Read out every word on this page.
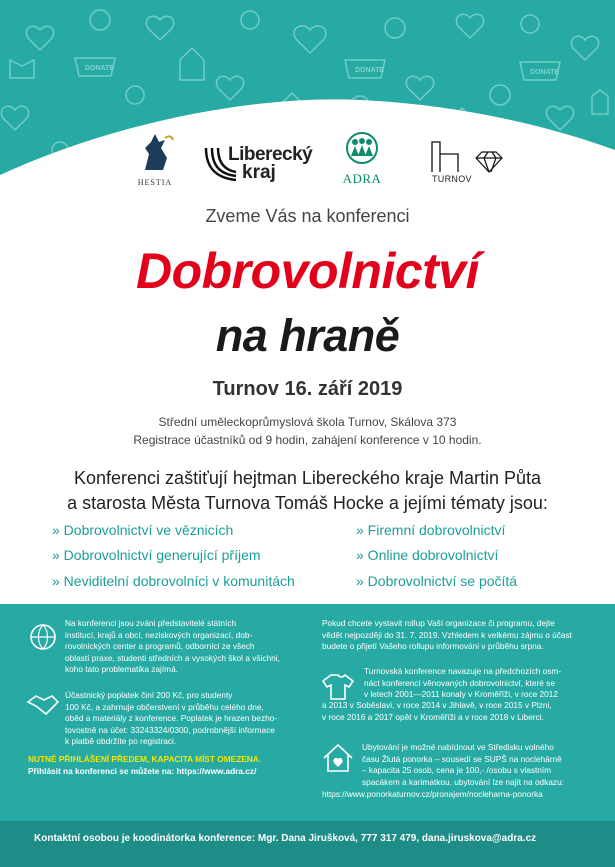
DONATE	DONATE	DONATE
HESTIA
Liberecký
kraj	ADRA	TURNOV
Zveme Vás na konferenci
Dobrovolnictví
na hraně
Turnov 16. září 2019
Střední uměleckoprůmyslová škola Turnov, Skálova 373
Registrace účastníků od 9 hodin, zahájení konference v 10 hodin.
Konferenci zaštiťují hejtman Libereckého kraje Martin Půta
a starosta Města Turnova Tomáš Hocke a jejími tématy jsou:
» Dobrovolnictví ve věznicích
» Dobrovolnictví generující příjem
» Neviditelní dobrovolníci v komunitách
» Firemní dobrovolnictví
» Online dobrovolnictví
» Dobrovolnictví se počítá

Na konferenci jsou zváni představitelé státních

institucí, krajů a obcí, neziskových organizací, dob-

rovolnických center a programů, odborníci ze všech

oblastí praxe, studenti středních a vysokých škol a všichni,

koho tato problematika zajímá.

Účastnický poplatek činí 200 Kč, pro studenty

100 Kč, a zahrnuje občerstvení v průběhu celého dne,

oběd a materiály z konference. Poplatek je hrazen bezho-

tovostně na účet: 33243324/0300, podrobnější informace

k platbě obdržíte po registraci.

NUTNÉ PŘIHLÁŠENÍ PŘEDEM, KAPACITA MÍST OMEZENA.

Přihlásit na konferenci se můžete na: https://www.adra.cz/

Pokud chcete vystavit rollup Vaší organizace či programu, dejte

vědět nejpozději do 31. 7. 2019. Vzhledem k velkému zájmu o účast

budete o přijetí Vašeho rollupu informováni v průběhu srpna.

Turnovská konference navazuje na předchozích osm-

náct konferencí věnovaných dobrovolnictví, které se

v letech 2001—2011 konaly v Kroměříži, v roce 2012

a 2013 v Soběslavi, v roce 2014 v Jihlavě, v roce 2015 v Plzni,

v roce 2016 a 2017 opět v Kroměříži a v roce 2018 v Liberci.

Ubytování je možné nabídnout ve Středisku volného

času Žlutá ponorka – sousedí se SUPŠ na noclehárně

– kapacita 25 osob, cena je 100,- /osobu s vlastním

spacákem a karimatkou. ubytování lze najít na odkazu:

https://www.ponorkaturnov.cz/pronajem/nocleharna-ponorka

Kontaktní osobou je koodinátorka konference: Mgr. Dana Jirušková, 777 317 479, dana.jiruskova@adra.cz
